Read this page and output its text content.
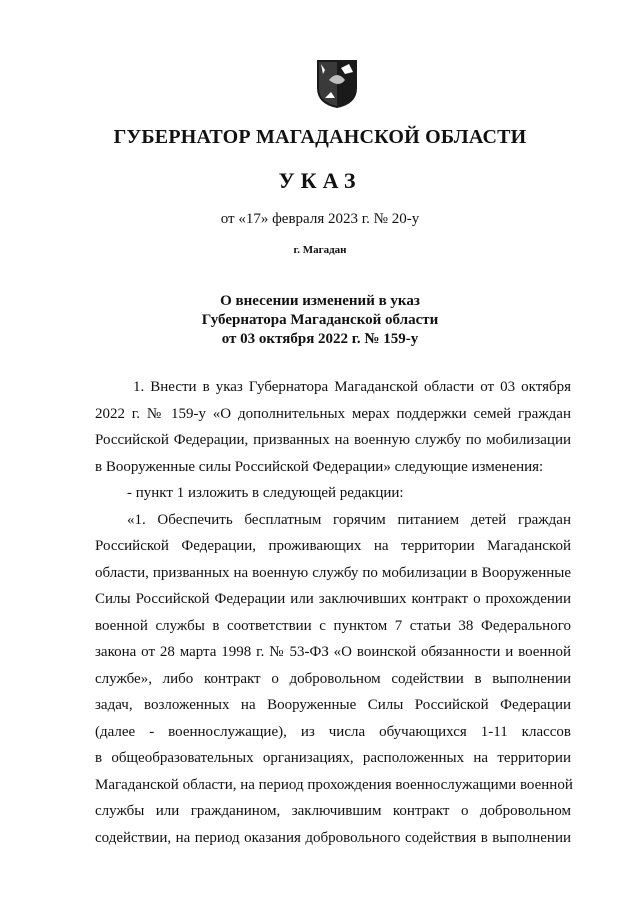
ГУБЕРНАТОР МАГАДАНСКОЙ ОБЛАСТИ
УКАЗ
от «17» февраля 2023 г. № 20-у
г. Магадан
О внесении изменений в указ
Губернатора Магаданской области
от 03 октября 2022 г. № 159-у
1. Внести в указ Губернатора Магаданской области от 03 октября
2022 г. № 159-у «О дополнительных мерах поддержки семей граждан
Российской Федерации, призванных на военную службу по мобилизации
в Вооруженные силы Российской Федерации» следующие изменения:
- пункт 1 изложить в следующей редакции:
«1. Обеспечить бесплатным горячим питанием детей граждан
Российской Федерации, проживающих на территории Магаданской
области, призванных на военную службу по мобилизации в Вооруженные
Силы Российской Федерации или заключивших контракт о прохождении
военной службы в соответствии с пунктом 7 статьи 38 Федерального
закона от 28 марта 1998 г. № 53-ФЗ «О воинской обязанности и военной
службе», либо контракт о добровольном содействии в выполнении
задач, возложенных на Вооруженные Силы Российской Федерации
(далее - военнослужащие), из числа обучающихся 1-11 классов
в общеобразовательных организациях, расположенных на территории
Магаданской области, на период прохождения военнослужащими военной
службы или гражданином, заключившим контракт о добровольном
содействии, на период оказания добровольного содействия в выполнении
